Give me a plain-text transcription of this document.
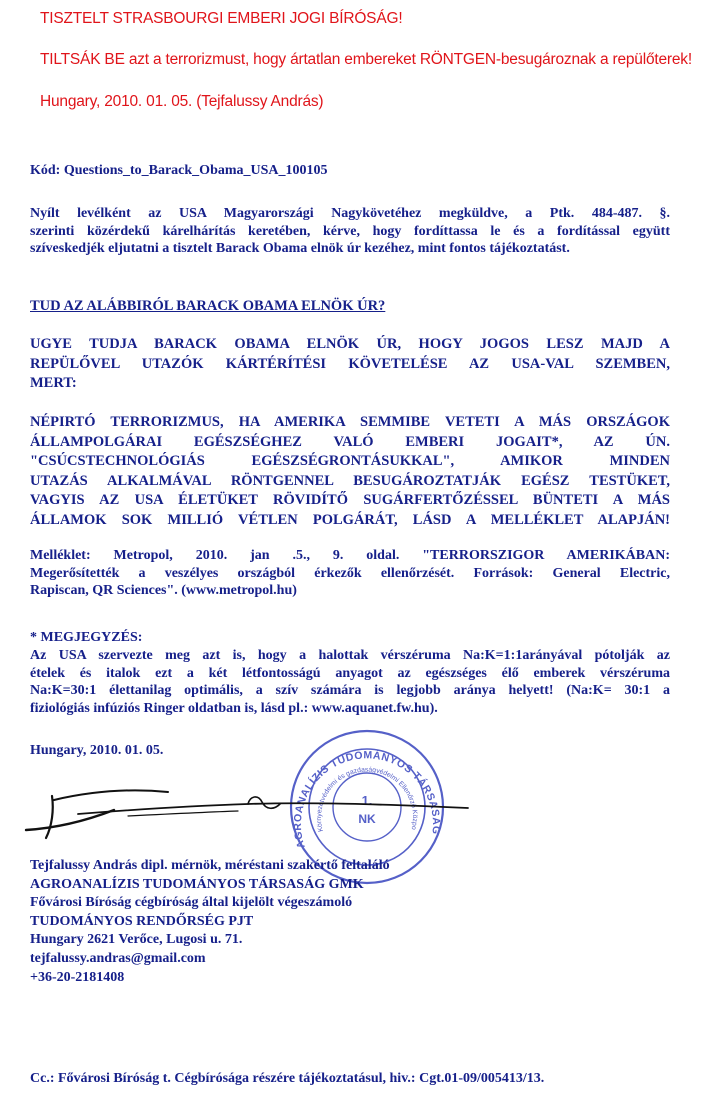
TISZTELT STRASBOURGI EMBERI JOGI BÍRÓSÁG!
TILTSÁK BE azt a terrorizmust, hogy ártatlan embereket RÖNTGEN-besugároznak a repülőterek!
Hungary, 2010. 01. 05. (Tejfalussy András)
Kód: Questions_to_Barack_Obama_USA_100105
Nyílt levélként az USA Magyarországi Nagykövetéhez megküldve, a Ptk. 484-487. §.
szerinti közérdekű kárelhárítás keretében, kérve, hogy fordíttassa le és a fordítással együtt
szíveskedjék eljutatni a tisztelt Barack Obama elnök úr kezéhez, mint fontos tájékoztatást.
TUD AZ ALÁBBIRÓL BARACK OBAMA ELNÖK ÚR?
UGYE TUDJA BARACK OBAMA ELNÖK ÚR, HOGY JOGOS LESZ MAJD A
REPÜLŐVEL UTAZÓK KÁRTÉRÍTÉSI KÖVETELÉSE AZ USA-VAL SZEMBEN,
MERT:
NÉPIRTÓ TERRORIZMUS, HA AMERIKA SEMMIBE VETETI A MÁS ORSZÁGOK
ÁLLAMPOLGÁRAI EGÉSZSÉGHEZ VALÓ EMBERI JOGAIT*, AZ ÚN.
"CSÚCSTECHNOLÓGIÁS EGÉSZSÉGRONTÁSUKKAL", AMIKOR MINDEN
UTAZÁS ALKALMÁVAL RÖNTGENNEL BESUGÁROZTATJÁK EGÉSZ TESTÜKET,
VAGYIS AZ USA ÉLETÜKET RÖVIDÍTŐ SUGÁRFERTŐZÉSSEL BÜNTETI A MÁS
ÁLLAMOK SOK MILLIÓ VÉTLEN POLGÁRÁT, LÁSD A MELLÉKLET ALAPJÁN!
Melléklet: Metropol, 2010. jan .5., 9. oldal. "TERRORSZIGOR AMERIKÁBAN:
Megerősítették a veszélyes országból érkezők ellenőrzését. Források: General Electric,
Rapiscan, QR Sciences". (www.metropol.hu)
* MEGJEGYZÉS:
Az USA szervezte meg azt is, hogy a halottak vérszéruma Na:K=1:1arányával pótolják az
ételek és italok ezt a két létfontosságú anyagot az egészséges élő emberek vérszéruma
Na:K=30:1 élettanilag optimális, a szív számára is legjobb aránya helyett! (Na:K= 30:1 a
fiziológiás infúziós Ringer oldatban is, lásd pl.: www.aquanet.fw.hu).
Hungary, 2010. 01. 05.
AGROANALÍZIS TUDOMÁNYOS TÁRSASÁG
Környezetvédelmi és gazdaságvédelmi Ellenőrző Közpo
1.
NK
Tejfalussy András dipl. mérnök, méréstani szakértő feltaláló
AGROANALÍZIS TUDOMÁNYOS TÁRSASÁG GMK
Fővárosi Bíróság cégbíróság által kijelölt végeszámoló
TUDOMÁNYOS RENDŐRSÉG PJT
Hungary 2621 Verőce, Lugosi u. 71.
tejfalussy.andras@gmail.com
+36-20-2181408
Cc.: Fővárosi Bíróság t. Cégbírósága részére tájékoztatásul, hiv.: Cgt.01-09/005413/13.
